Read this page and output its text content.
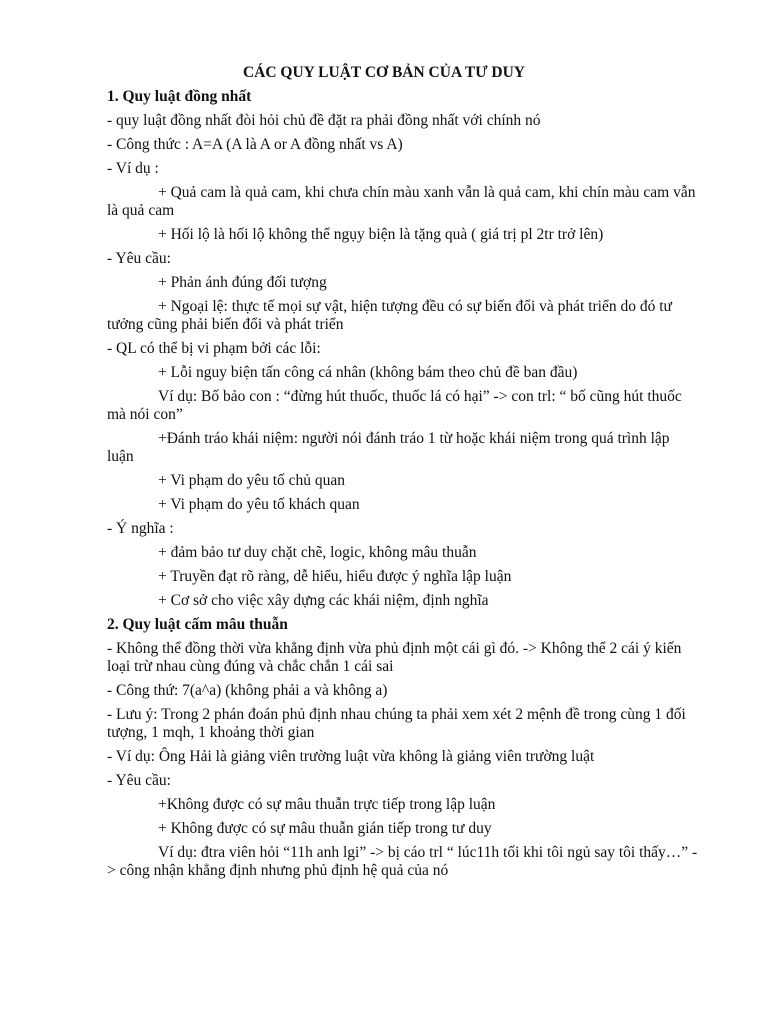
CÁC QUY LUẬT CƠ BẢN CỦA TƯ DUY
1. Quy luật đồng nhất
- quy luật đồng nhất đòi hỏi chủ đề đặt ra phải đồng nhất với chính nó
- Công thức : A=A (A là A or A đồng nhất vs A)
- Ví dụ :
+ Quả cam là quả cam, khi chưa chín màu xanh vẫn là quả cam, khi chín màu cam vẫn là quả cam
+ Hối lộ là hối lộ không thể ngụy biện là tặng quà ( giá trị pl 2tr trở lên)
- Yêu cầu:
+ Phản ánh đúng đối tượng
+ Ngoại lệ: thực tế mọi sự vật, hiện tượng đều có sự biến đổi và phát triển do đó tư tưởng cũng phải biến đổi và phát triển
- QL có thể bị vi phạm bởi các lỗi:
+ Lỗi nguy biện tấn công cá nhân (không bám theo chủ đề ban đầu)
Ví dụ: Bố bảo con : “đừng hút thuốc, thuốc lá có hại” -> con trl: “ bố cũng hút thuốc mà nói con”
+Đánh tráo khái niệm: người nói đánh tráo 1 từ hoặc khái niệm trong quá trình lập luận
+ Vi phạm do yêu tố chủ quan
+ Vi phạm do yêu tố khách quan
- Ý nghĩa :
+ đảm bảo tư duy chặt chẽ, logic, không mâu thuẫn
+ Truyền đạt rõ ràng, dễ hiểu, hiểu được ý nghĩa lập luận
+ Cơ sở cho việc xây dựng các khái niệm, định nghĩa
2. Quy luật cấm mâu thuẫn
- Không thể đồng thời vừa khẳng định vừa phủ định một cái gì đó. -> Không thể 2 cái ý kiến loại trừ nhau cùng đúng và chắc chắn 1 cái sai
- Công thứ: 7(a^a) (không phải a và không a)
- Lưu ý: Trong 2 phán đoán phủ định nhau chúng ta phải xem xét 2 mệnh đề trong cùng 1 đối tượng, 1 mqh, 1 khoảng thời gian
- Ví dụ: Ông Hải là giảng viên trường luật vừa không là giảng viên trường luật
- Yêu cầu:
+Không được có sự mâu thuẫn trực tiếp trong lập luận
+ Không được có sự mâu thuẫn gián tiếp trong tư duy
Ví dụ: đtra viên hỏi “11h anh lgi” -> bị cáo trl “ lúc11h tối khi tôi ngủ say tôi thấy…” -> công nhận khẳng định nhưng phủ định hệ quả của nó
